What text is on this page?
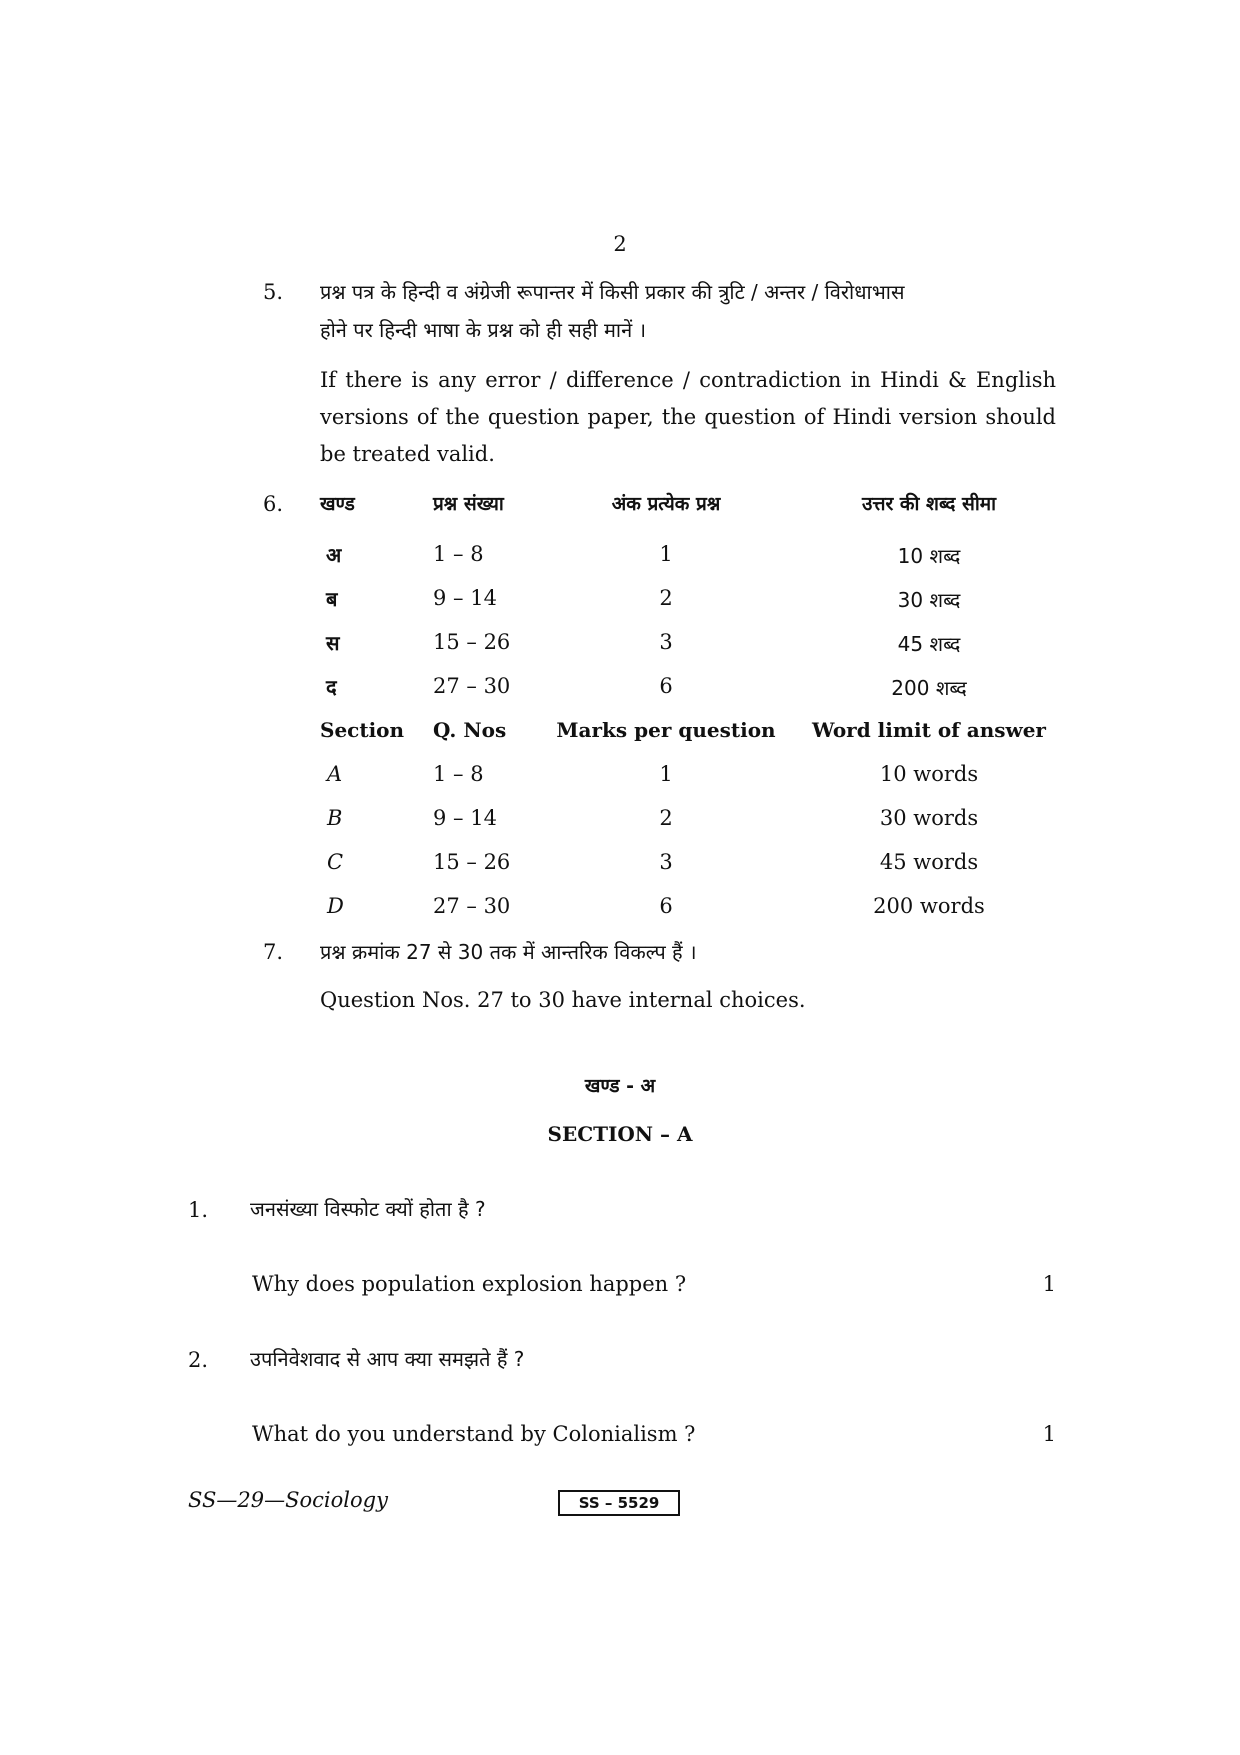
2
5. प्रश्न पत्र के हिन्दी व अंग्रेजी रूपान्तर में किसी प्रकार की त्रुटि / अन्तर / विरोधाभास
होने पर हिन्दी भाषा के प्रश्न को ही सही मानें ।
If there is any error / difference / contradiction in Hindi & English versions of the question paper, the question of Hindi version should be treated valid.
6. खण्ड	प्रश्न संख्या	अंक प्रत्येक प्रश्न	उत्तर की शब्द सीमा
अ	1 – 8	1	10 शब्द
ब	9 – 14	2	30 शब्द
स	15 – 26	3	45 शब्द
द	27 – 30	6	200 शब्द
Section Q. Nos	Marks per question	Word limit of answer
A	1 – 8	1	10 words
B	9 – 14	2	30 words
C	15 – 26	3	45 words
D	27 – 30	6	200 words
7. प्रश्न क्रमांक 27 से 30 तक में आन्तरिक विकल्प हैं ।
Question Nos. 27 to 30 have internal choices.
खण्ड - अ
SECTION – A
1. जनसंख्या विस्फोट क्यों होता है ?
Why does population explosion happen ?	1
2. उपनिवेशवाद से आप क्या समझते हैं ?
What do you understand by Colonialism ?	1
SS—29—Sociology	SS – 5529
